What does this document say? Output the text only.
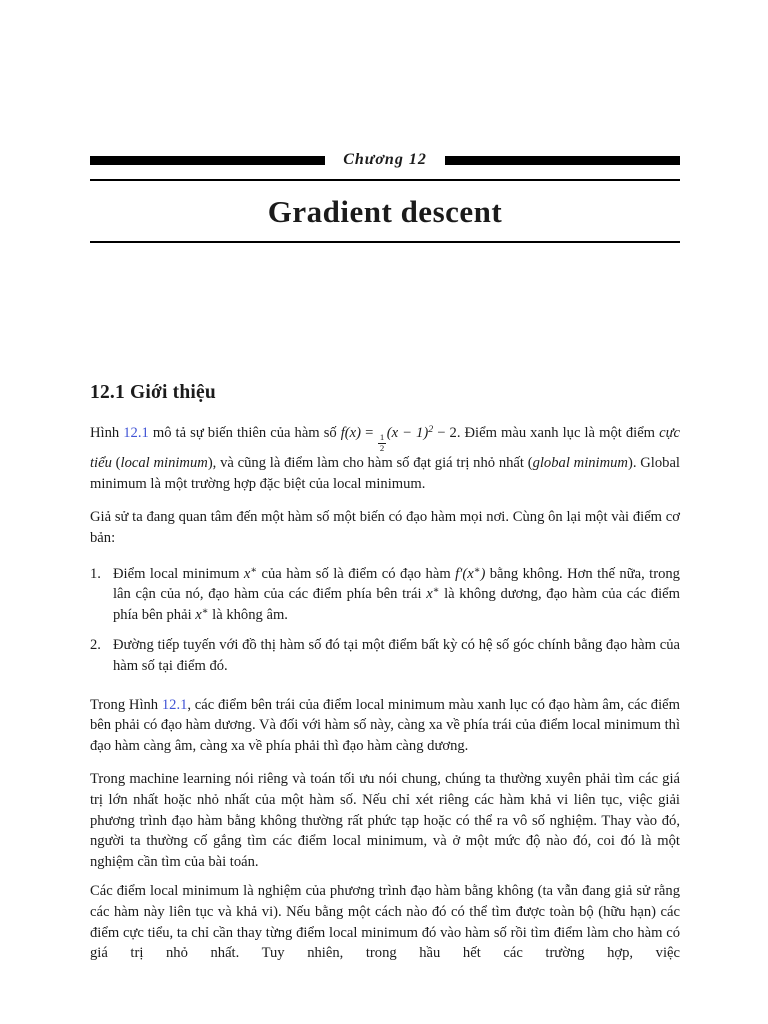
Chương 12
Gradient descent
12.1 Giới thiệu

Hình 12.1 mô tả sự biến thiên của hàm số f(x) =
$\frac{1}{2}$
$(x - 1)^2 - 2$. Điểm màu xanh lục là một điểm cực tiểu (local minimum), và cũng là điểm làm cho hàm số đạt giá trị nhỏ nhất (global minimum). Global minimum là một trường hợp đặc biệt của local minimum.

Giả sử ta đang quan tâm đến một hàm số một biến có đạo hàm mọi nơi. Cùng ôn lại một vài điểm cơ bản:

1. Điểm local minimum x∗ của hàm số là điểm có đạo hàm f′(x∗) bằng không. Hơn thế nữa, trong lân cận của nó, đạo hàm của các điểm phía bên trái x∗ là không dương, đạo hàm của các điểm phía bên phải x∗ là không âm.
2. Đường tiếp tuyến với đồ thị hàm số đó tại một điểm bất kỳ có hệ số góc chính bằng đạo hàm của hàm số tại điểm đó.

Trong Hình 12.1, các điểm bên trái của điểm local minimum màu xanh lục có đạo hàm âm, các điểm bên phải có đạo hàm dương. Và đối với hàm số này, càng xa về phía trái của điểm local minimum thì đạo hàm càng âm, càng xa về phía phải thì đạo hàm càng dương.

Trong machine learning nói riêng và toán tối ưu nói chung, chúng ta thường xuyên phải tìm các giá trị lớn nhất hoặc nhỏ nhất của một hàm số. Nếu chỉ xét riêng các hàm khả vi liên tục, việc giải phương trình đạo hàm bằng không thường rất phức tạp hoặc có thể ra vô số nghiệm. Thay vào đó, người ta thường cố gắng tìm các điểm local minimum, và ở một mức độ nào đó, coi đó là một nghiệm cần tìm của bài toán.

Các điểm local minimum là nghiệm của phương trình đạo hàm bằng không (ta vẫn đang giả sử rằng các hàm này liên tục và khả vi). Nếu bằng một cách nào đó có thể tìm được toàn bộ (hữu hạn) các điểm cực tiểu, ta chỉ cần thay từng điểm local minimum đó vào hàm số rồi tìm điểm làm cho hàm có giá trị nhỏ nhất. Tuy nhiên, trong hầu hết các trường hợp, việc
